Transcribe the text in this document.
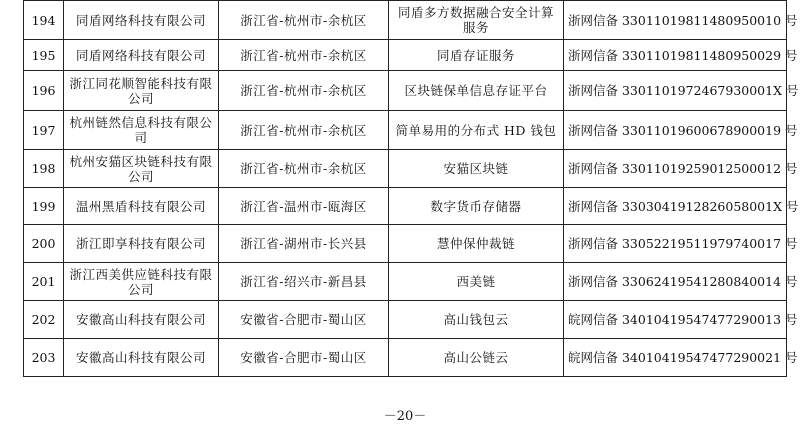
194	同盾网络科技有限公司	浙江省-杭州市-余杭区	同盾多方数据融合安全计算服务	浙网信备 33011019811480950010 号
195	同盾网络科技有限公司	浙江省-杭州市-余杭区	同盾存证服务	浙网信备 33011019811480950029 号
196	浙江同花顺智能科技有限公司	浙江省-杭州市-余杭区	区块链保单信息存证平台	浙网信备 3301101972467930001X 号
197	杭州链然信息科技有限公司	浙江省-杭州市-余杭区	简单易用的分布式 HD 钱包	浙网信备 33011019600678900019 号
198	杭州安猫区块链科技有限公司	浙江省-杭州市-余杭区	安猫区块链	浙网信备 33011019259012500012 号
199	温州黑盾科技有限公司	浙江省-温州市-瓯海区	数字货币存储器	浙网信备 3303041912826058001X 号
200	浙江即享科技有限公司	浙江省-湖州市-长兴县	慧仲保仲裁链	浙网信备 33052219511979740017 号
201	浙江西美供应链科技有限公司	浙江省-绍兴市-新昌县	西美链	浙网信备 33062419541280840014 号
202	安徽高山科技有限公司	安徽省-合肥市-蜀山区	高山钱包云	皖网信备 34010419547477290013 号
203	安徽高山科技有限公司	安徽省-合肥市-蜀山区	高山公链云	皖网信备 34010419547477290021 号
－20－
